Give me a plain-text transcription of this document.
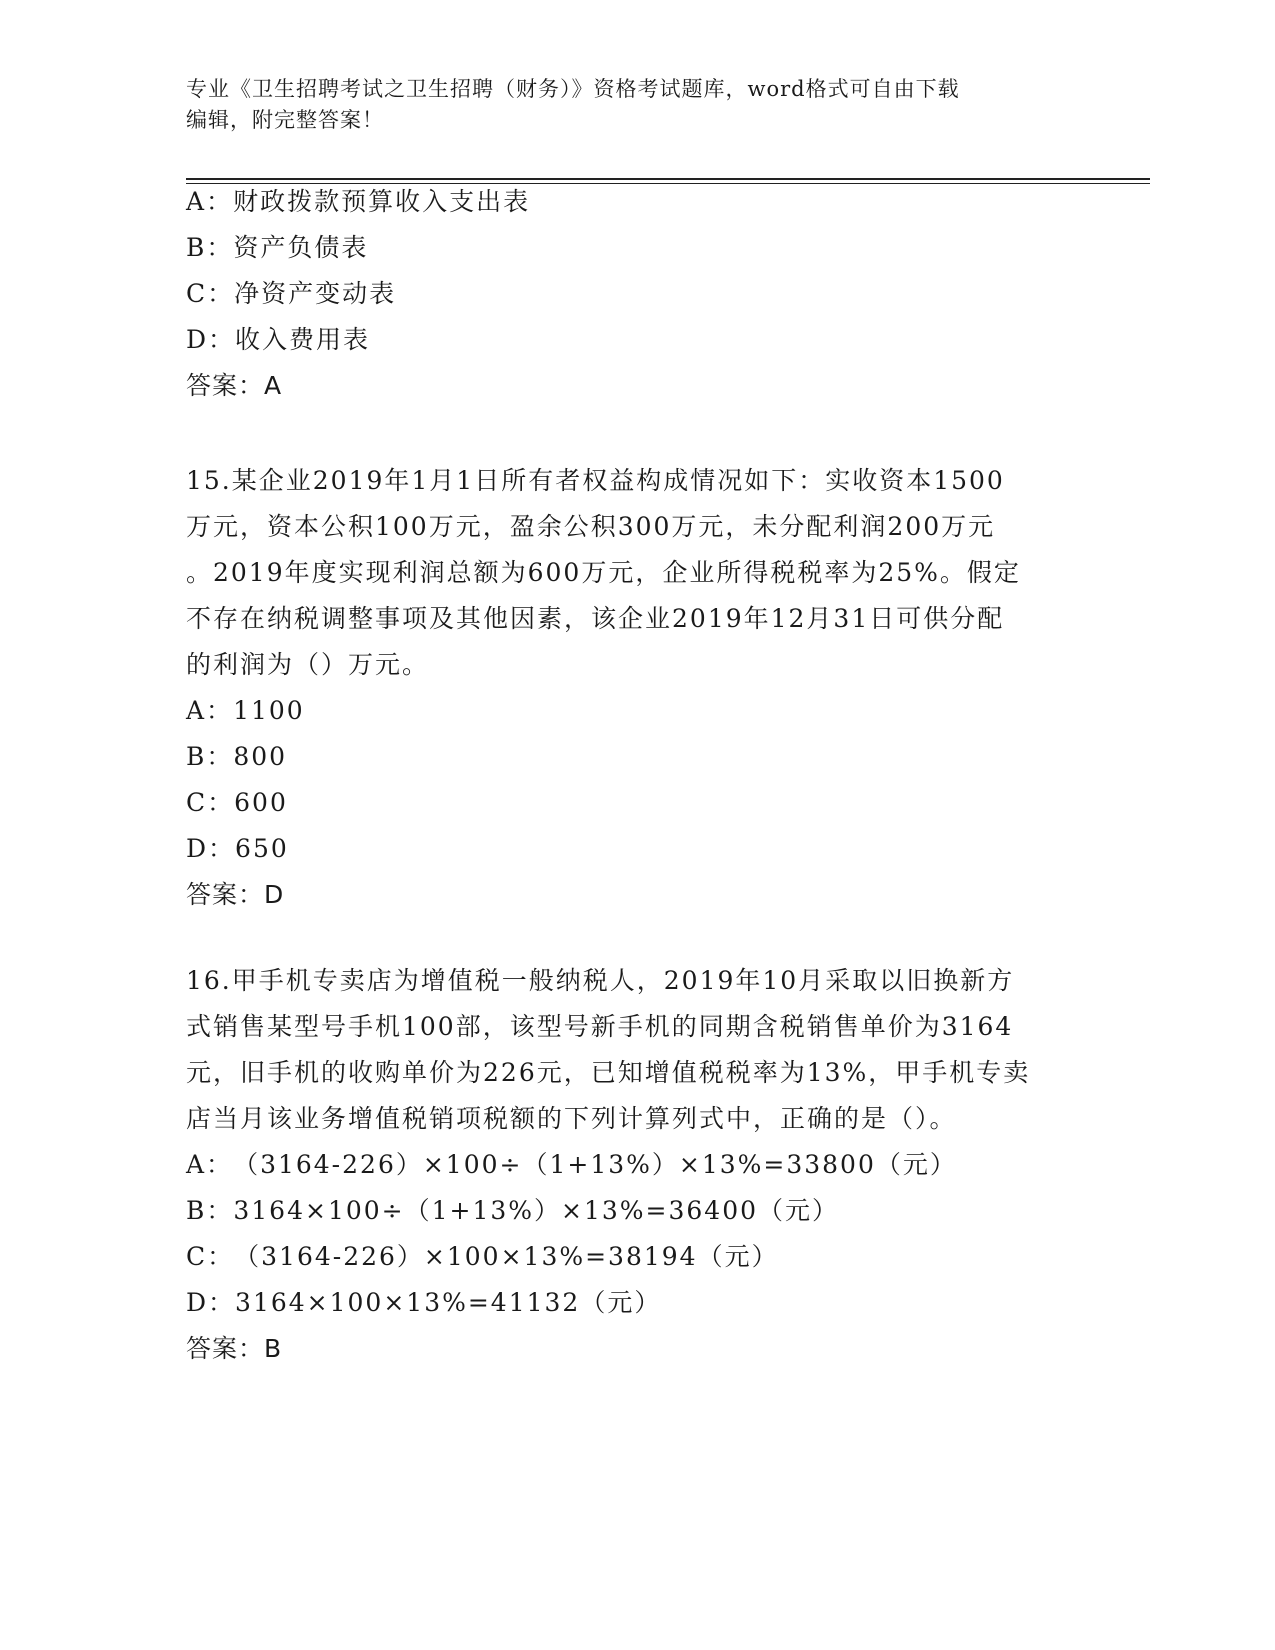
专业《卫生招聘考试之卫生招聘（财务）》资格考试题库，word格式可自由下载
编辑，附完整答案！
A：财政拨款预算收入支出表
B：资产负债表
C：净资产变动表
D：收入费用表
答案：A
15.某企业2019年1月1日所有者权益构成情况如下：实收资本1500
万元，资本公积100万元，盈余公积300万元，未分配利润200万元
。2019年度实现利润总额为600万元，企业所得税税率为25%。假定
不存在纳税调整事项及其他因素，该企业2019年12月31日可供分配
的利润为（）万元。
A：1100
B：800
C：600
D：650
答案：D
16.甲手机专卖店为增值税一般纳税人，2019年10月采取以旧换新方
式销售某型号手机100部，该型号新手机的同期含税销售单价为3164
元，旧手机的收购单价为226元，已知增值税税率为13%，甲手机专卖
店当月该业务增值税销项税额的下列计算列式中，正确的是（）。
A：（3164-226）×100÷（1+13%）×13%=33800（元）
B：3164×100÷（1+13%）×13%=36400（元）
C：（3164-226）×100×13%=38194（元）
D：3164×100×13%=41132（元）
答案：B
